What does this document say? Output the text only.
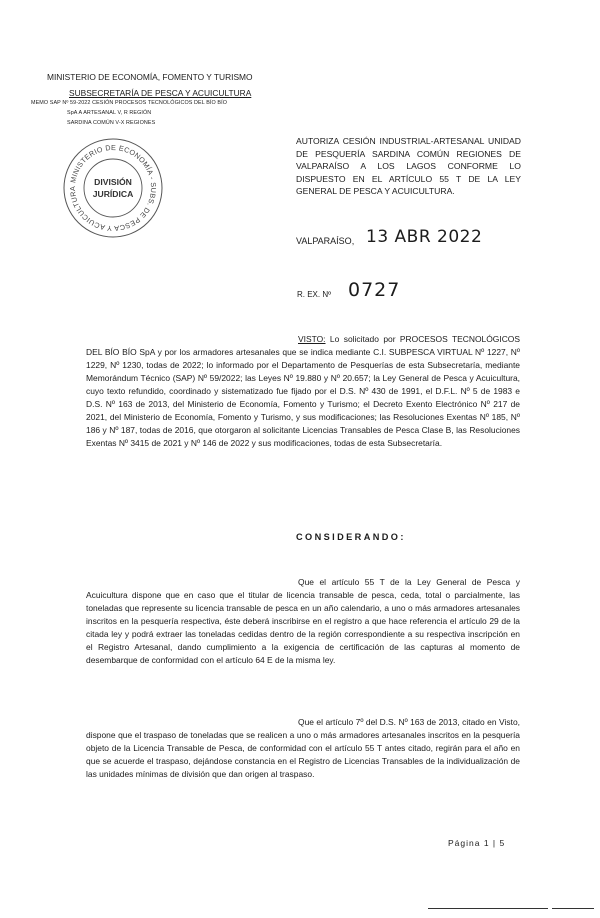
MINISTERIO DE ECONOMÍA, FOMENTO Y TURISMO
SUBSECRETARÍA DE PESCA Y ACUICULTURA
MEMO SAP Nº 59-2022 CESIÓN PROCESOS TECNOLÓGICOS DEL BÍO BÍO
SpA A ARTESANAL V, R REGIÓN
SARDINA COMÚN V-X REGIONES
MINISTERIO DE ECONOMÍA - SUBS. DE PESCA Y ACUICULTURA
DIVISIÓN
JURÍDICA
AUTORIZA CESIÓN INDUSTRIAL-ARTESANAL UNIDAD DE PESQUERÍA SARDINA COMÚN REGIONES DE VALPARAÍSO A LOS LAGOS CONFORME LO DISPUESTO EN EL ARTÍCULO 55 T DE LA LEY GENERAL DE PESCA Y ACUICULTURA.
VALPARAÍSO, 13 ABR 2022
R. EX. Nº 0727
VISTO: Lo solicitado por PROCESOS TECNOLÓGICOS DEL BÍO BÍO SpA y por los armadores artesanales que se indica mediante C.I. SUBPESCA VIRTUAL Nº 1227, Nº 1229, Nº 1230, todas de 2022; lo informado por el Departamento de Pesquerías de esta Subsecretaría, mediante Memorándum Técnico (SAP) Nº 59/2022; las Leyes Nº 19.880 y Nº 20.657; la Ley General de Pesca y Acuicultura, cuyo texto refundido, coordinado y sistematizado fue fijado por el D.S. Nº 430 de 1991, el D.F.L. Nº 5 de 1983 e D.S. Nº 163 de 2013, del Ministerio de Economía, Fomento y Turismo; el Decreto Exento Electrónico Nº 217 de 2021, del Ministerio de Economía, Fomento y Turismo, y sus modificaciones; las Resoluciones Exentas Nº 185, Nº 186 y Nº 187, todas de 2016, que otorgaron al solicitante Licencias Transables de Pesca Clase B, las Resoluciones Exentas Nº 3415 de 2021 y Nº 146 de 2022 y sus modificaciones, todas de esta Subsecretaría.
CONSIDERANDO:
Que el artículo 55 T de la Ley General de Pesca y Acuicultura dispone que en caso que el titular de licencia transable de pesca, ceda, total o parcialmente, las toneladas que represente su licencia transable de pesca en un año calendario, a uno o más armadores artesanales inscritos en la pesquería respectiva, éste deberá inscribirse en el registro a que hace referencia el artículo 29 de la citada ley y podrá extraer las toneladas cedidas dentro de la región correspondiente a su respectiva inscripción en el Registro Artesanal, dando cumplimiento a la exigencia de certificación de las capturas al momento de desembarque de conformidad con el artículo 64 E de la misma ley.
Que el artículo 7º del D.S. Nº 163 de 2013, citado en Visto, dispone que el traspaso de toneladas que se realicen a uno o más armadores artesanales inscritos en la pesquería objeto de la Licencia Transable de Pesca, de conformidad con el artículo 55 T antes citado, regirán para el año en que se acuerde el traspaso, dejándose constancia en el Registro de Licencias Transables de la individualización de las unidades mínimas de división que dan origen al traspaso.
Página 1 | 5
